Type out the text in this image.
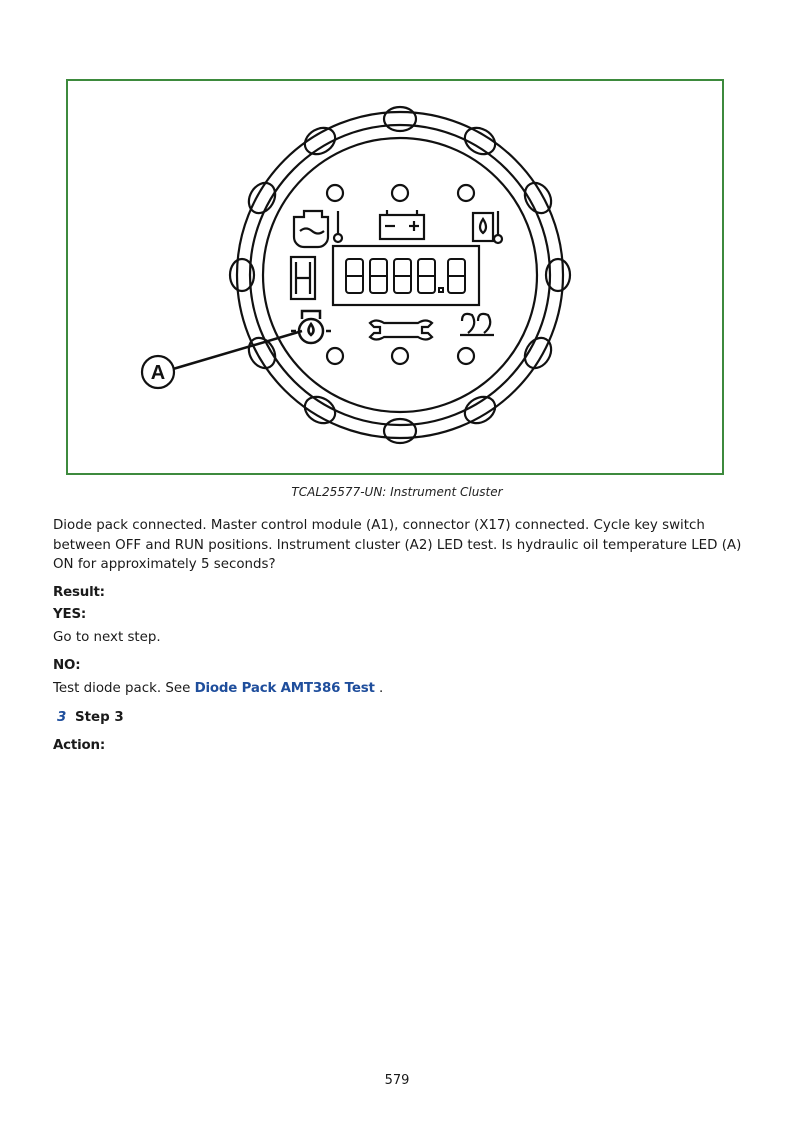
A
TCAL25577-UN: Instrument Cluster
Diode pack connected. Master control module (A1), connector (X17) connected. Cycle key switch between OFF and RUN positions. Instrument cluster (A2) LED test. Is hydraulic oil temperature LED (A) ON for approximately 5 seconds?
Result:
YES:
Go to next step.
NO:
Test diode pack. See Diode Pack AMT386 Test .
3 Step 3
Action:
579
